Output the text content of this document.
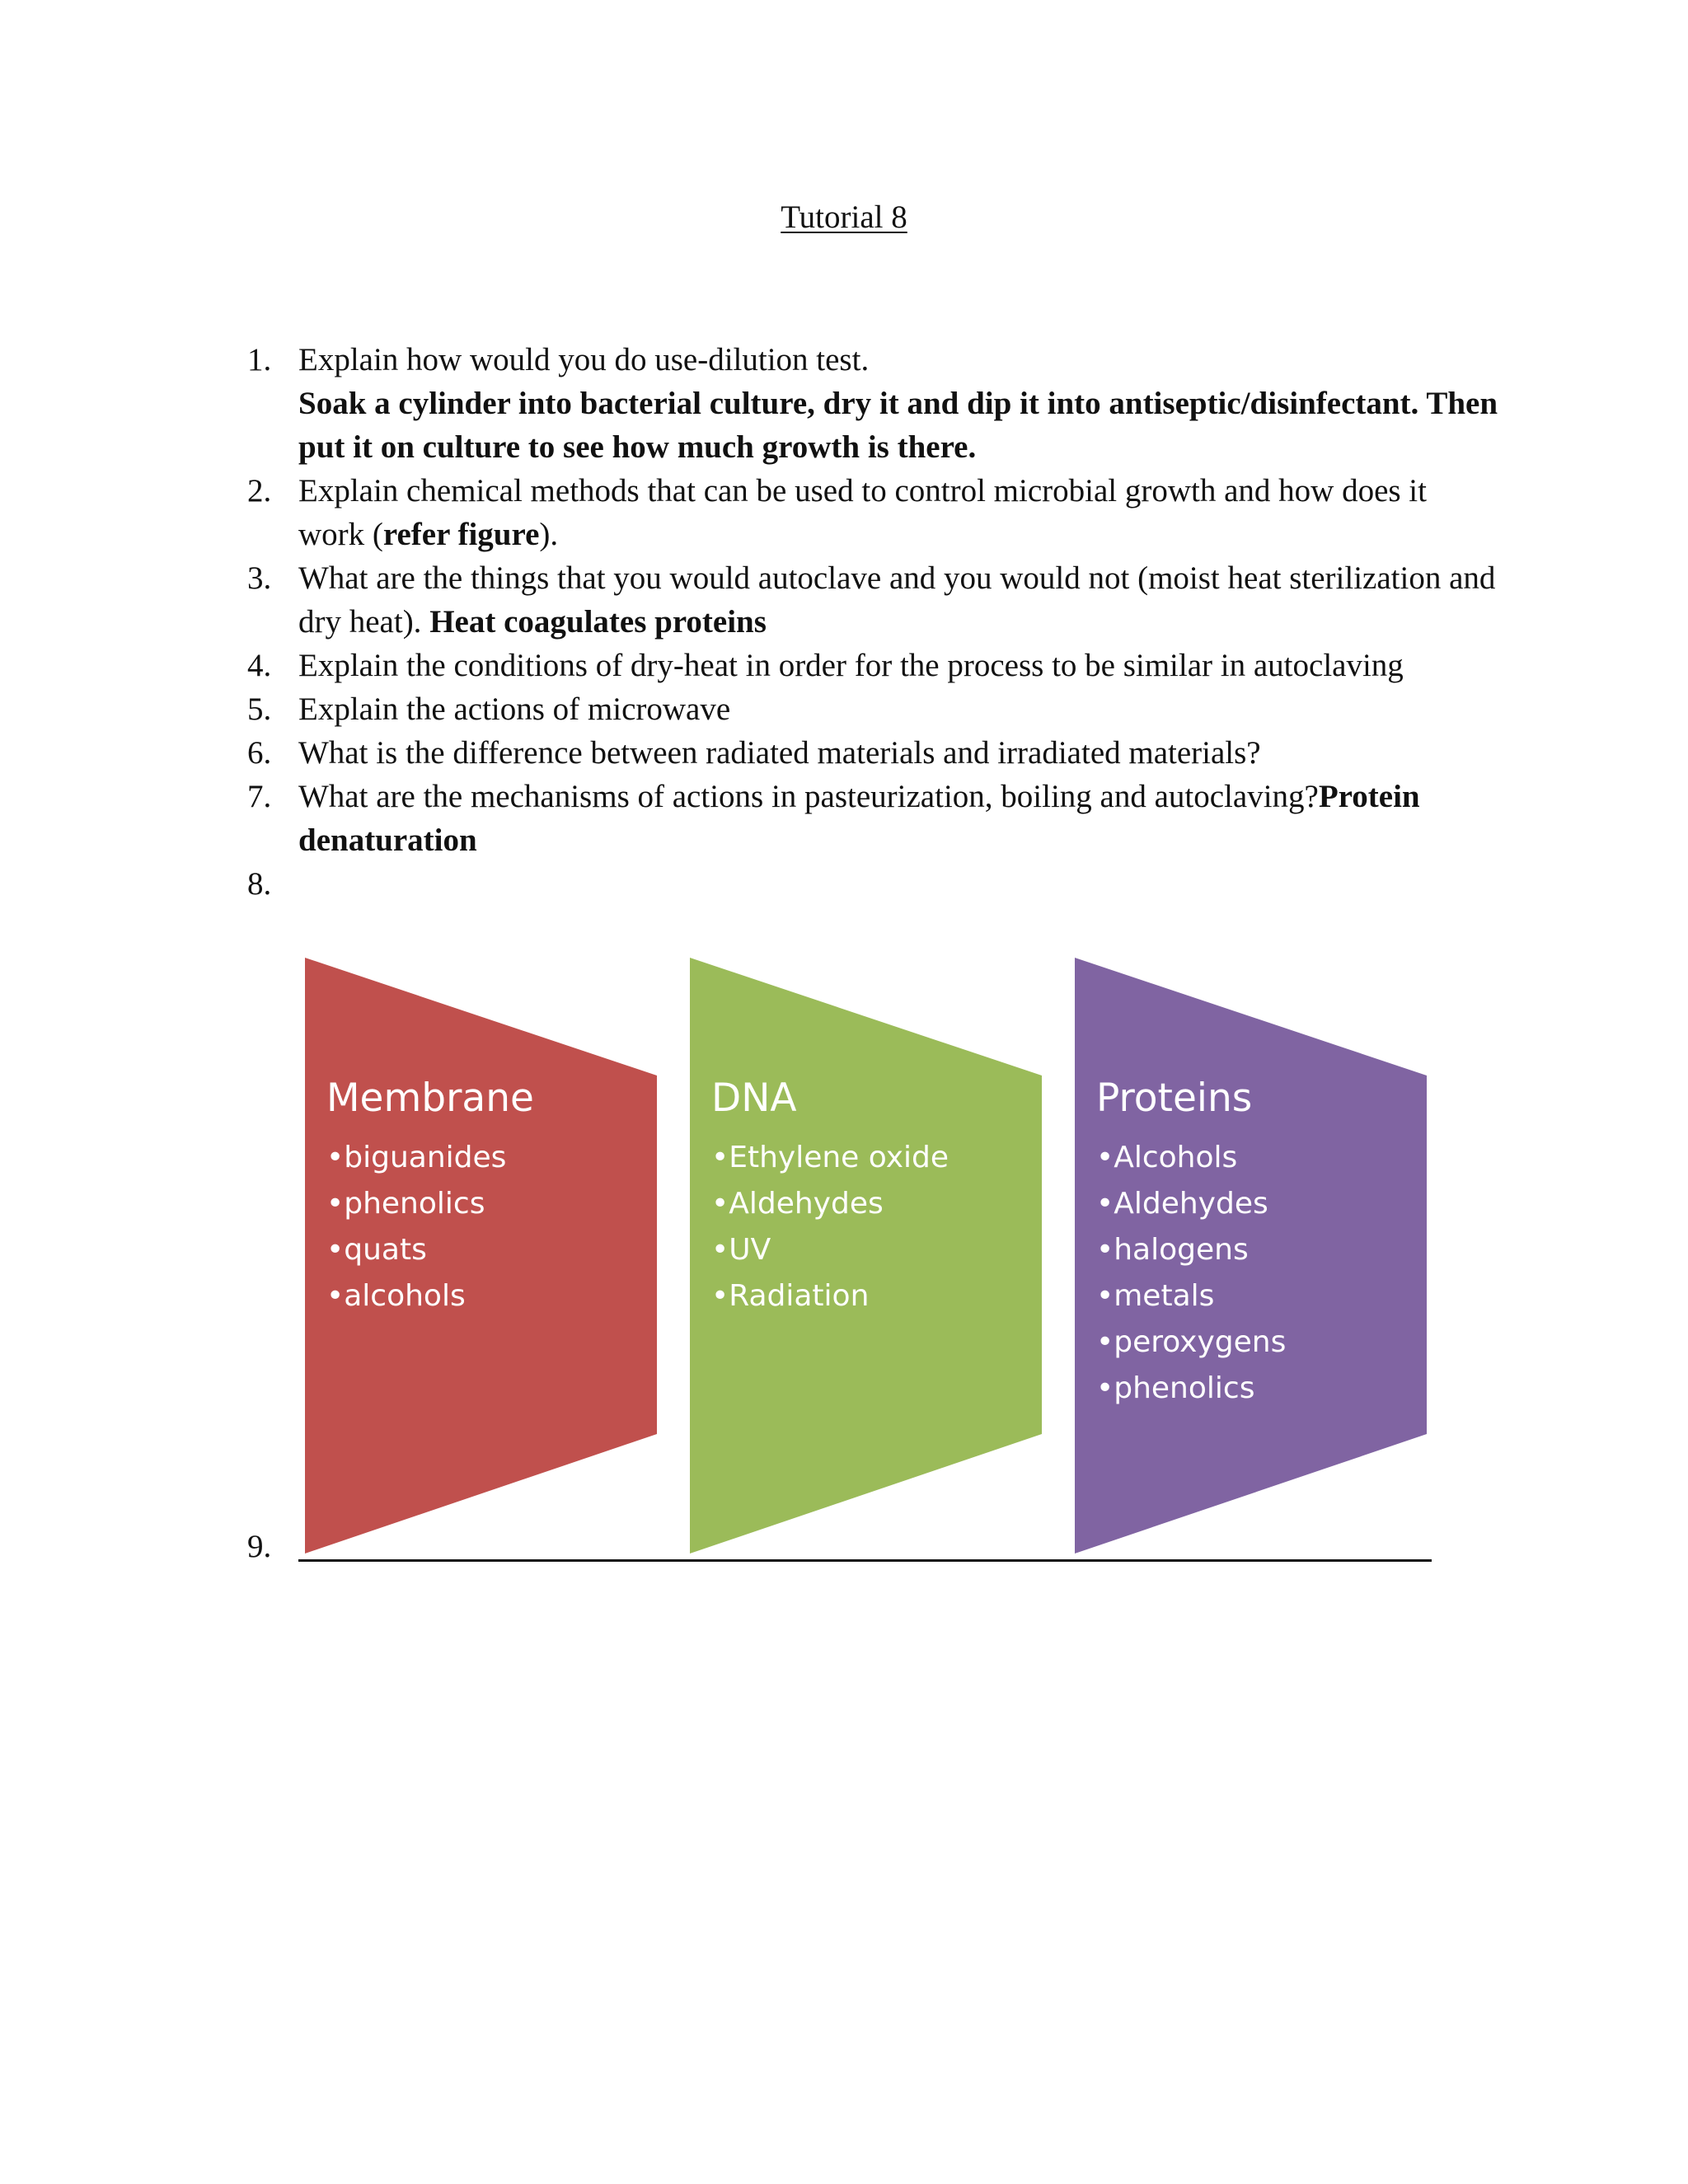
Tutorial 8
1. Explain how would you do use-dilution test.
Soak a cylinder into bacterial culture, dry it and dip it into antiseptic/disinfectant. Then put it on culture to see how much growth is there.
2. Explain chemical methods that can be used to control microbial growth and how does it work (refer figure).
3. What are the things that you would autoclave and you would not (moist heat sterilization and dry heat). Heat coagulates proteins
4. Explain the conditions of dry-heat in order for the process to be similar in autoclaving
5. Explain the actions of microwave
6. What is the difference between radiated materials and irradiated materials?
7. What are the mechanisms of actions in pasteurization, boiling and autoclaving?Protein denaturation
8.

Membrane
• biguanides
• phenolics
• quats
• alcohols
DNA
• Ethylene oxide
• Aldehydes
• UV
• Radiation
Proteins
• Alcohols
• Aldehydes
• halogens
• metals
• peroxygens
• phenolics
9.
